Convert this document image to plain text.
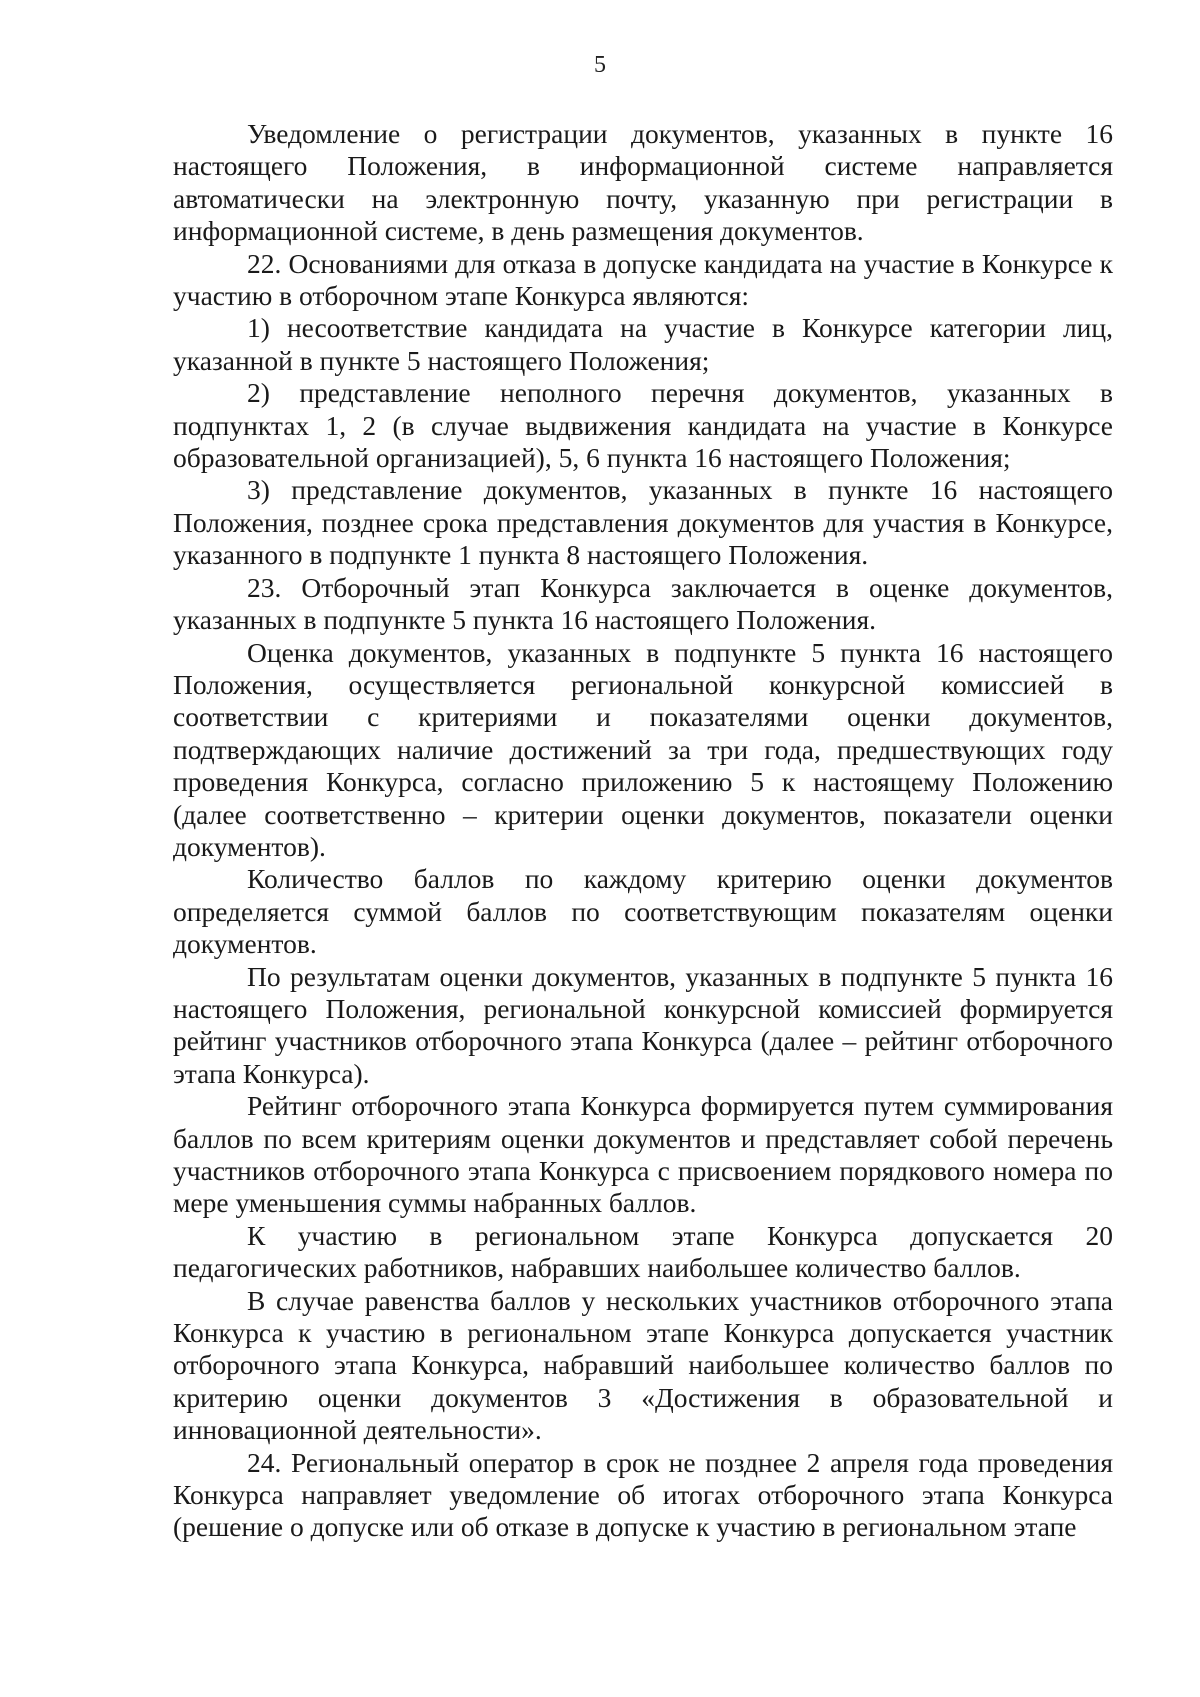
5

Уведомление о регистрации документов, указанных в пункте 16 настоящего Положения, в информационной системе направляется автоматически на электронную почту, указанную при регистрации в информационной системе, в день размещения документов.

22. Основаниями для отказа в допуске кандидата на участие в Конкурсе к участию в отборочном этапе Конкурса являются:

1) несоответствие кандидата на участие в Конкурсе категории лиц, указанной в пункте 5 настоящего Положения;

2) представление неполного перечня документов, указанных в подпунктах 1, 2 (в случае выдвижения кандидата на участие в Конкурсе образовательной организацией), 5, 6 пункта 16 настоящего Положения;

3) представление документов, указанных в пункте 16 настоящего Положения, позднее срока представления документов для участия в Конкурсе, указанного в подпункте 1 пункта 8 настоящего Положения.

23. Отборочный этап Конкурса заключается в оценке документов, указанных в подпункте 5 пункта 16 настоящего Положения.

Оценка документов, указанных в подпункте 5 пункта 16 настоящего Положения, осуществляется региональной конкурсной комиссией в соответствии с критериями и показателями оценки документов, подтверждающих наличие достижений за три года, предшествующих году проведения Конкурса, согласно приложению 5 к настоящему Положению (далее соответственно – критерии оценки документов, показатели оценки документов).

Количество баллов по каждому критерию оценки документов определяется суммой баллов по соответствующим показателям оценки документов.

По результатам оценки документов, указанных в подпункте 5 пункта 16 настоящего Положения, региональной конкурсной комиссией формируется рейтинг участников отборочного этапа Конкурса (далее – рейтинг отборочного этапа Конкурса).

Рейтинг отборочного этапа Конкурса формируется путем суммирования баллов по всем критериям оценки документов и представляет собой перечень участников отборочного этапа Конкурса с присвоением порядкового номера по мере уменьшения суммы набранных баллов.

К участию в региональном этапе Конкурса допускается 20 педагогических работников, набравших наибольшее количество баллов.

В случае равенства баллов у нескольких участников отборочного этапа Конкурса к участию в региональном этапе Конкурса допускается участник отборочного этапа Конкурса, набравший наибольшее количество баллов по критерию оценки документов 3 «Достижения в образовательной и инновационной деятельности».

24. Региональный оператор в срок не позднее 2 апреля года проведения Конкурса направляет уведомление об итогах отборочного этапа Конкурса (решение о допуске или об отказе в допуске к участию в региональном этапе
